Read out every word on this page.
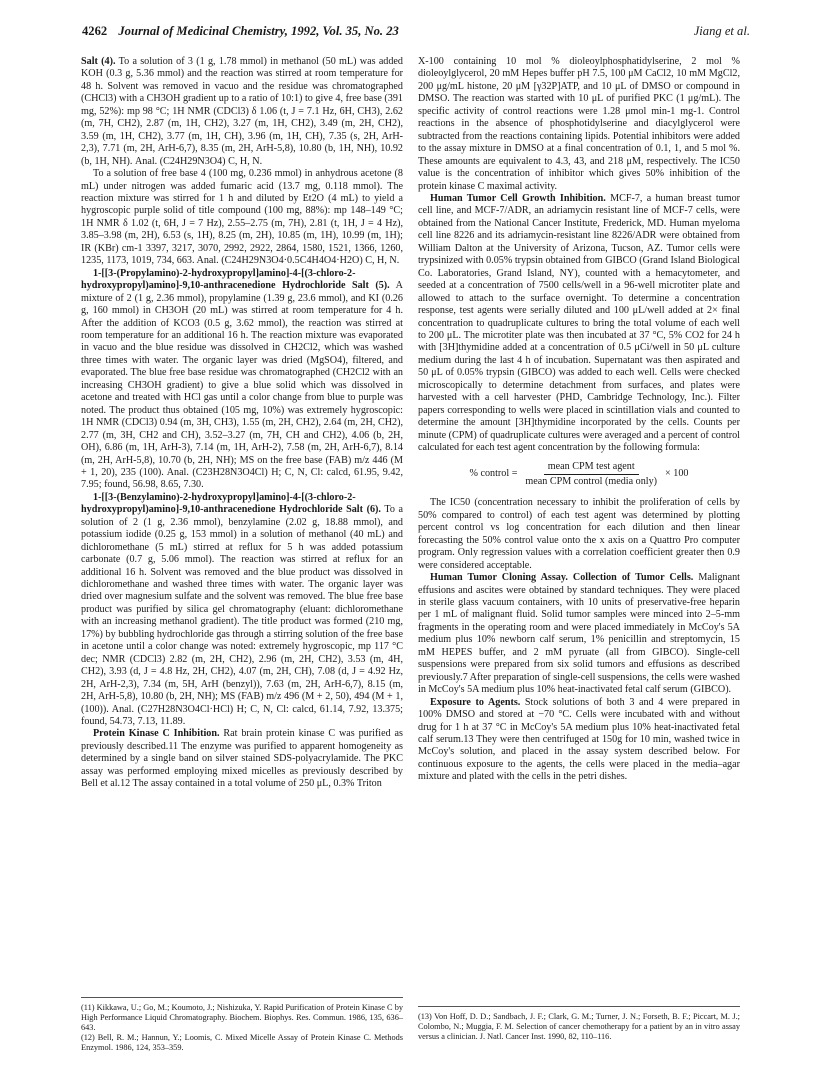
4262 Journal of Medicinal Chemistry, 1992, Vol. 35, No. 23	Jiang et al.

Salt (4). To a solution of 3 (1 g, 1.78 mmol) in methanol (50 mL) was added KOH (0.3 g, 5.36 mmol) and the reaction was stirred at room temperature for 48 h. Solvent was removed in vacuo and the residue was chromatographed (CHCl3) with a CH3OH gradient up to a ratio of 10:1) to give 4, free base (391 mg, 52%): mp 98 °C; 1H NMR (CDCl3) δ 1.06 (t, J = 7.1 Hz, 6H, CH3), 2.62 (m, 7H, CH2), 2.87 (m, 1H, CH2), 3.27 (m, 1H, CH2), 3.49 (m, 2H, CH2), 3.59 (m, 1H, CH2), 3.77 (m, 1H, CH), 3.96 (m, 1H, CH), 7.35 (s, 2H, ArH-2,3), 7.71 (m, 2H, ArH-6,7), 8.35 (m, 2H, ArH-5,8), 10.80 (b, 1H, NH), 10.92 (b, 1H, NH). Anal. (C24H29N3O4) C, H, N.

To a solution of free base 4 (100 mg, 0.236 mmol) in anhydrous acetone (8 mL) under nitrogen was added fumaric acid (13.7 mg, 0.118 mmol). The reaction mixture was stirred for 1 h and diluted by Et2O (4 mL) to yield a hygroscopic purple solid of title compound (100 mg, 88%): mp 148–149 °C; 1H NMR δ 1.02 (t, 6H, J = 7 Hz), 2.55–2.75 (m, 7H), 2.81 (t, 1H, J = 4 Hz), 3.85–3.98 (m, 2H), 6.53 (s, 1H), 8.25 (m, 2H), 10.85 (m, 1H), 10.99 (m, 1H); IR (KBr) cm-1 3397, 3217, 3070, 2992, 2922, 2864, 1580, 1521, 1366, 1260, 1235, 1173, 1019, 734, 663. Anal. (C24H29N3O4·0.5C4H4O4·H2O) C, H, N.

1-[[3-(Propylamino)-2-hydroxypropyl]amino]-4-[(3-chloro-2-hydroxypropyl)amino]-9,10-anthracenedione Hydrochloride Salt (5). A mixture of 2 (1 g, 2.36 mmol), propylamine (1.39 g, 23.6 mmol), and KI (0.26 g, 160 mmol) in CH3OH (20 mL) was stirred at room temperature for 4 h. After the addition of KCO3 (0.5 g, 3.62 mmol), the reaction was stirred at room temperature for an additional 16 h. The reaction mixture was evaporated in vacuo and the blue residue was dissolved in CH2Cl2, which was washed three times with water. The organic layer was dried (MgSO4), filtered, and evaporated. The blue free base residue was chromatographed (CH2Cl2 with an increasing CH3OH gradient) to give a blue solid which was dissolved in acetone and treated with HCl gas until a color change from blue to purple was noted. The product thus obtained (105 mg, 10%) was extremely hygroscopic: 1H NMR (CDCl3) 0.94 (m, 3H, CH3), 1.55 (m, 2H, CH2), 2.64 (m, 2H, CH2), 2.77 (m, 3H, CH2 and CH), 3.52–3.27 (m, 7H, CH and CH2), 4.06 (b, 2H, OH), 6.86 (m, 1H, ArH-3), 7.14 (m, 1H, ArH-2), 7.58 (m, 2H, ArH-6,7), 8.14 (m, 2H, ArH-5,8), 10.70 (b, 2H, NH); MS on the free base (FAB) m/z 446 (M + 1, 20), 235 (100). Anal. (C23H28N3O4Cl) H; C, N, Cl: calcd, 61.95, 9.42, 7.95; found, 56.98, 8.65, 7.30.

1-[[3-(Benzylamino)-2-hydroxypropyl]amino]-4-[(3-chloro-2-hydroxypropyl)amino]-9,10-anthracenedione Hydrochloride Salt (6). To a solution of 2 (1 g, 2.36 mmol), benzylamine (2.02 g, 18.88 mmol), and potassium iodide (0.25 g, 153 mmol) in a solution of methanol (40 mL) and dichloromethane (5 mL) stirred at reflux for 5 h was added potassium carbonate (0.7 g, 5.06 mmol). The reaction was stirred at reflux for an additional 16 h. Solvent was removed and the blue product was dissolved in dichloromethane and washed three times with water. The organic layer was dried over magnesium sulfate and the solvent was removed. The blue free base product was purified by silica gel chromatography (eluant: dichloromethane with an increasing methanol gradient). The title product was formed (210 mg, 17%) by bubbling hydrochloride gas through a stirring solution of the free base in acetone until a color change was noted: extremely hygroscopic, mp 117 °C dec; NMR (CDCl3) 2.82 (m, 2H, CH2), 2.96 (m, 2H, CH2), 3.53 (m, 4H, CH2), 3.93 (d, J = 4.8 Hz, 2H, CH2), 4.07 (m, 2H, CH), 7.08 (d, J = 4.92 Hz, 2H, ArH-2,3), 7.34 (m, 5H, ArH (benzyl)), 7.63 (m, 2H, ArH-6,7), 8.15 (m, 2H, ArH-5,8), 10.80 (b, 2H, NH); MS (FAB) m/z 496 (M + 2, 50), 494 (M + 1, (100)). Anal. (C27H28N3O4Cl·HCl) H; C, N, Cl: calcd, 61.14, 7.92, 13.375; found, 54.73, 7.13, 11.89.

Protein Kinase C Inhibition. Rat brain protein kinase C was purified as previously described.11 The enzyme was purified to apparent homogeneity as determined by a single band on silver stained SDS-polyacrylamide. The PKC assay was performed employing mixed micelles as previously described by Bell et al.12 The assay contained in a total volume of 250 μL, 0.3% Triton

X-100 containing 10 mol % dioleoylphosphatidylserine, 2 mol % dioleoylglycerol, 20 mM Hepes buffer pH 7.5, 100 μM CaCl2, 10 mM MgCl2, 200 μg/mL histone, 20 μM [γ32P]ATP, and 10 μL of DMSO or compound in DMSO. The reaction was started with 10 μL of purified PKC (1 μg/mL). The specific activity of control reactions were 1.28 μmol min-1 mg-1. Control reactions in the absence of phosphotidylserine and diacylglycerol were subtracted from the reactions containing lipids. Potential inhibitors were added to the assay mixture in DMSO at a final concentration of 0.1, 1, and 5 mol %. These amounts are equivalent to 4.3, 43, and 218 μM, respectively. The IC50 value is the concentration of inhibitor which gives 50% inhibition of the protein kinase C maximal activity.

Human Tumor Cell Growth Inhibition. MCF-7, a human breast tumor cell line, and MCF-7/ADR, an adriamycin resistant line of MCF-7 cells, were obtained from the National Cancer Institute, Frederick, MD. Human myeloma cell line 8226 and its adriamycin-resistant line 8226/ADR were obtained from William Dalton at the University of Arizona, Tucson, AZ. Tumor cells were trypsinized with 0.05% trypsin obtained from GIBCO (Grand Island Biological Co. Laboratories, Grand Island, NY), counted with a hemacytometer, and seeded at a concentration of 7500 cells/well in a 96-well microtiter plate and allowed to attach to the surface overnight. To determine a concentration response, test agents were serially diluted and 100 μL/well added at 2× final concentration to quadruplicate cultures to bring the total volume of each well to 200 μL. The microtiter plate was then incubated at 37 °C, 5% CO2 for 24 h with [3H]thymidine added at a concentration of 0.5 μCi/well in 50 μL culture medium during the last 4 h of incubation. Supernatant was then aspirated and 50 μL of 0.05% trypsin (GIBCO) was added to each well. Cells were checked microscopically to determine detachment from surfaces, and plates were harvested with a cell harvester (PHD, Cambridge Technology, Inc.). Filter papers corresponding to wells were placed in scintillation vials and counted to determine the amount [3H]thymidine incorporated by the cells. Counts per minute (CPM) of quadruplicate cultures were averaged and a percent of control calculated for each test agent concentration by the following formula:

% control = $\frac{\text{mean CPM test agent}}{\text{mean CPM control (media only)}} \times 100$

The IC50 (concentration necessary to inhibit the proliferation of cells by 50% compared to control) of each test agent was determined by plotting percent control vs log concentration for each dilution and then linear forecasting the 50% control value onto the x axis on a Quattro Pro computer program. Only regression values with a correlation coefficient greater then 0.9 were considered acceptable.

Human Tumor Cloning Assay. Collection of Tumor Cells. Malignant effusions and ascites were obtained by standard techniques. They were placed in sterile glass vacuum containers, with 10 units of preservative-free heparin per 1 mL of malignant fluid. Solid tumor samples were minced into 2–5-mm fragments in the operating room and were placed immediately in McCoy's 5A medium plus 10% newborn calf serum, 1% penicillin and streptomycin, 15 mM HEPES buffer, and 2 mM pyruate (all from GIBCO). Single-cell suspensions were prepared from six solid tumors and effusions as described previously.7 After preparation of single-cell suspensions, the cells were washed in McCoy's 5A medium plus 10% heat-inactivated fetal calf serum (GIBCO).

Exposure to Agents. Stock solutions of both 3 and 4 were prepared in 100% DMSO and stored at −70 °C. Cells were incubated with and without drug for 1 h at 37 °C in McCoy's 5A medium plus 10% heat-inactivated fetal calf serum.13 They were then centrifuged at 150g for 10 min, washed twice in McCoy's solution, and placed in the assay system described below. For continuous exposure to the agents, the cells were placed in the media–agar mixture and plated with the cells in the petri dishes.

(11) Kikkawa, U.; Go, M.; Koumoto, J.; Nishizuka, Y. Rapid Purification of Protein Kinase C by High Performance Liquid Chromatography. Biochem. Biophys. Res. Commun. 1986, 135, 636–643.

(12) Bell, R. M.; Hannun, Y.; Loomis, C. Mixed Micelle Assay of Protein Kinase C. Methods Enzymol. 1986, 124, 353–359.

(13) Von Hoff, D. D.; Sandbach, J. F.; Clark, G. M.; Turner, J. N.; Forseth, B. F.; Piccart, M. J.; Colombo, N.; Muggia, F. M. Selection of cancer chemotherapy for a patient by an in vitro assay versus a clinician. J. Natl. Cancer Inst. 1990, 82, 110–116.
